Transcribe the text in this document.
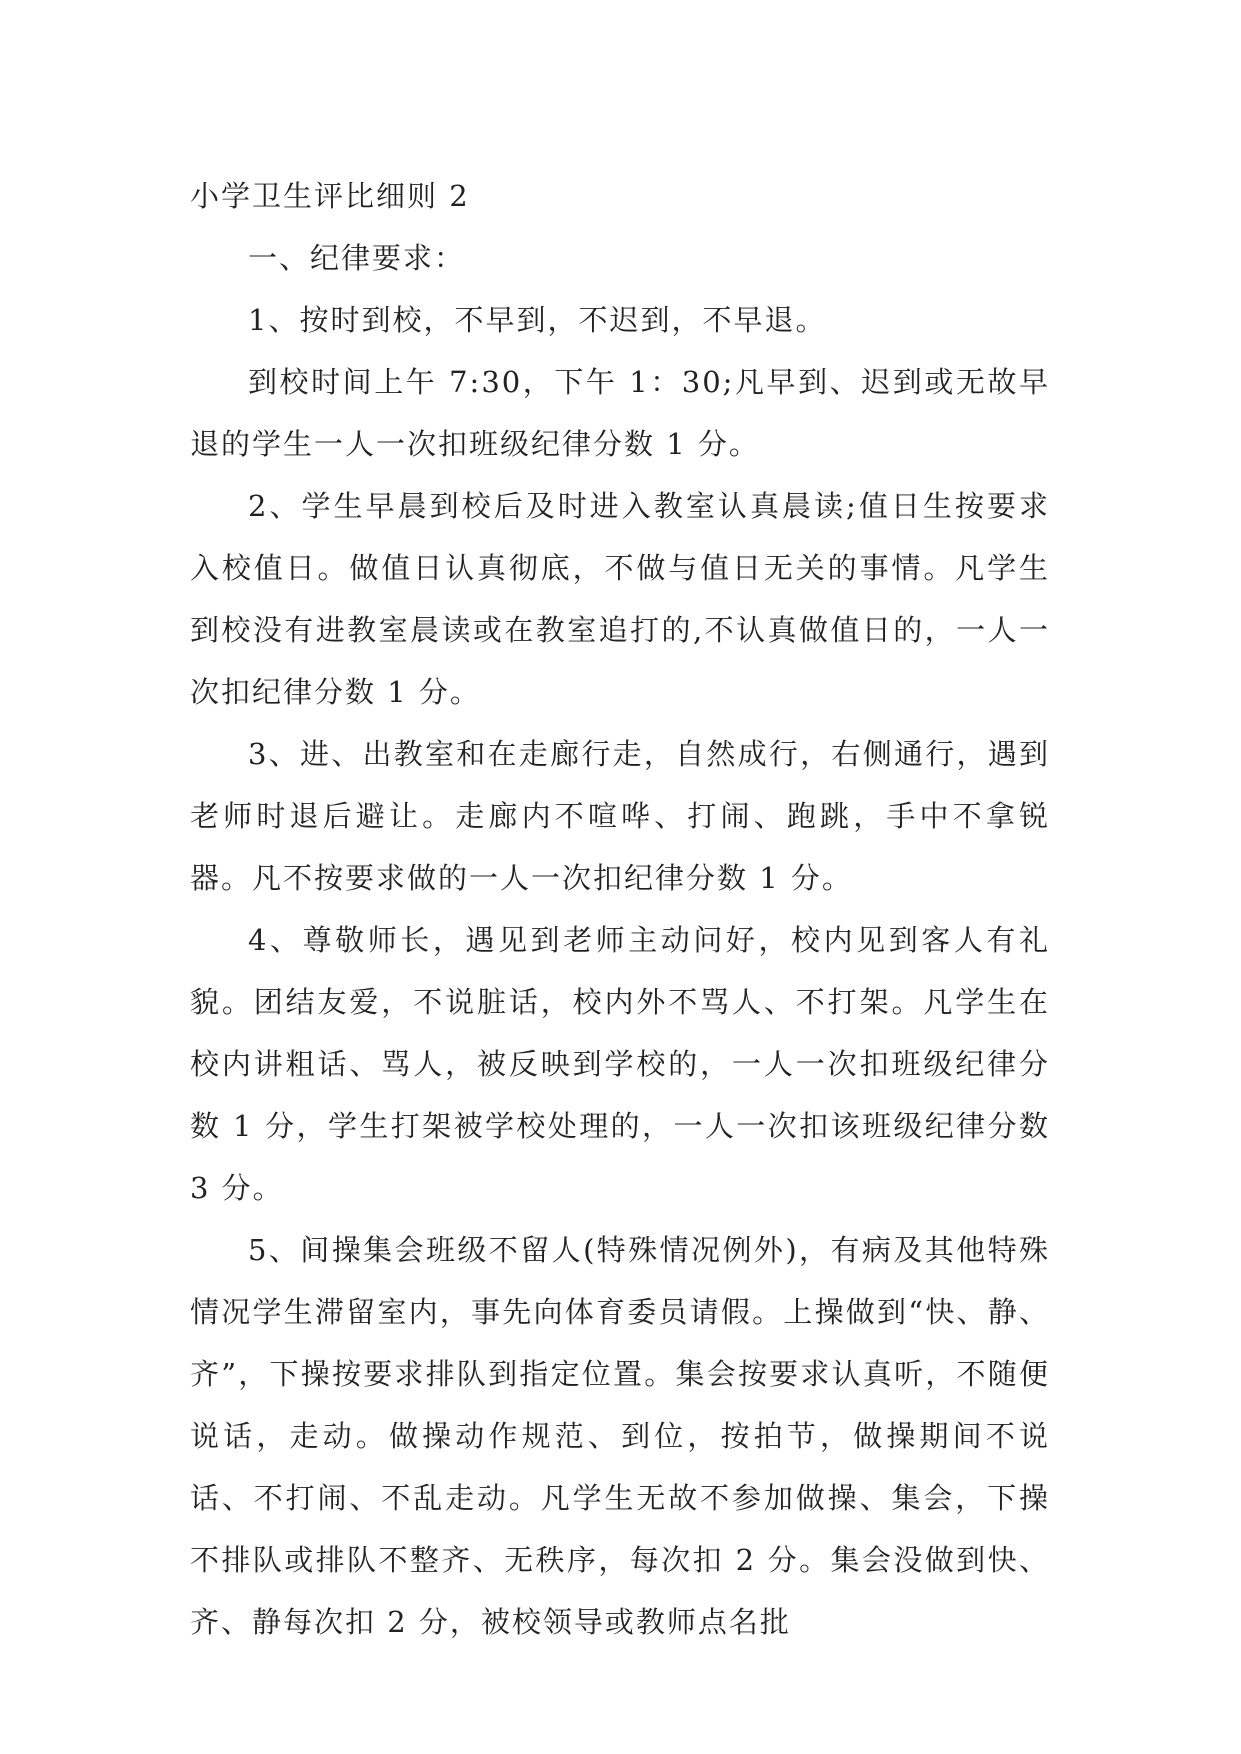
小学卫生评比细则 2

一、纪律要求：

1、按时到校，不早到，不迟到，不早退。

到校时间上午 7:30，下午 1：30;凡早到、迟到或无故早退的学生一人一次扣班级纪律分数 1 分。

2、学生早晨到校后及时进入教室认真晨读;值日生按要求入校值日。做值日认真彻底，不做与值日无关的事情。凡学生到校没有进教室晨读或在教室追打的,不认真做值日的，一人一次扣纪律分数 1 分。

3、进、出教室和在走廊行走，自然成行，右侧通行，遇到老师时退后避让。走廊内不喧哗、打闹、跑跳，手中不拿锐器。凡不按要求做的一人一次扣纪律分数 1 分。

4、尊敬师长，遇见到老师主动问好，校内见到客人有礼貌。团结友爱，不说脏话，校内外不骂人、不打架。凡学生在校内讲粗话、骂人，被反映到学校的，一人一次扣班级纪律分数 1 分，学生打架被学校处理的，一人一次扣该班级纪律分数 3 分。

5、间操集会班级不留人(特殊情况例外)，有病及其他特殊情况学生滞留室内，事先向体育委员请假。上操做到“快、静、齐”，下操按要求排队到指定位置。集会按要求认真听，不随便说话，走动。做操动作规范、到位，按拍节，做操期间不说话、不打闹、不乱走动。凡学生无故不参加做操、集会，下操不排队或排队不整齐、无秩序，每次扣 2 分。集会没做到快、齐、静每次扣 2 分，被校领导或教师点名批
